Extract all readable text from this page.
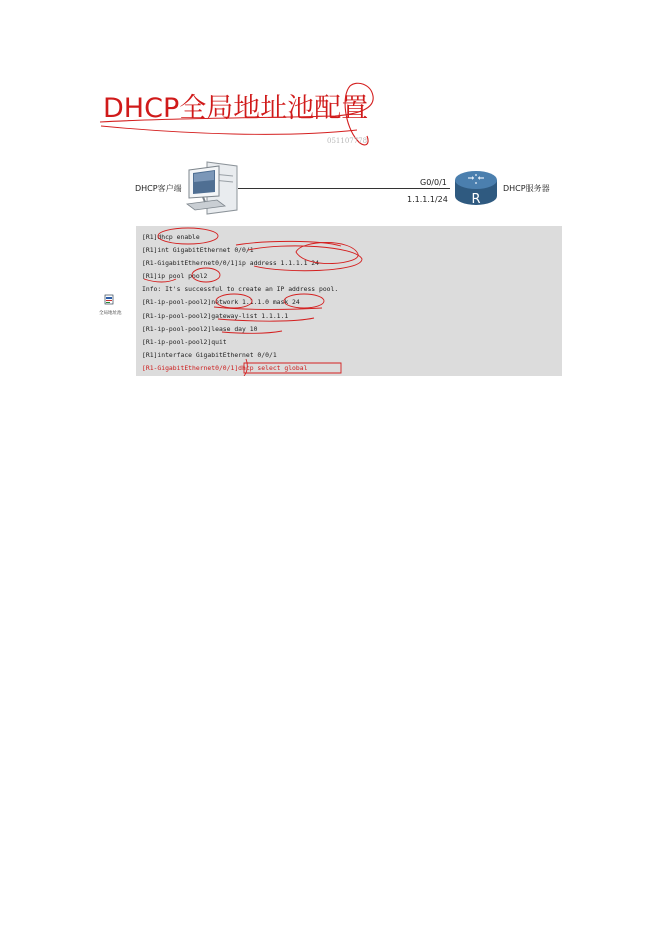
DHCP全局地址池配置
051107778
DHCP客户端
G0/0/1
1.1.1.1/24 R
DHCP服务器
[R1]dhcp enable
[R1]int GigabitEthernet 0/0/1
[R1-GigabitEthernet0/0/1]ip address 1.1.1.1 24
[R1]ip pool pool2
Info: It's successful to create an IP address pool.
[R1-ip-pool-pool2]network 1.1.1.0 mask 24
[R1-ip-pool-pool2]gateway-list 1.1.1.1
[R1-ip-pool-pool2]lease day 10
[R1-ip-pool-pool2]quit
[R1]interface GigabitEthernet 0/0/1
[R1-GigabitEthernet0/0/1]dhcp select global
全局地址池
